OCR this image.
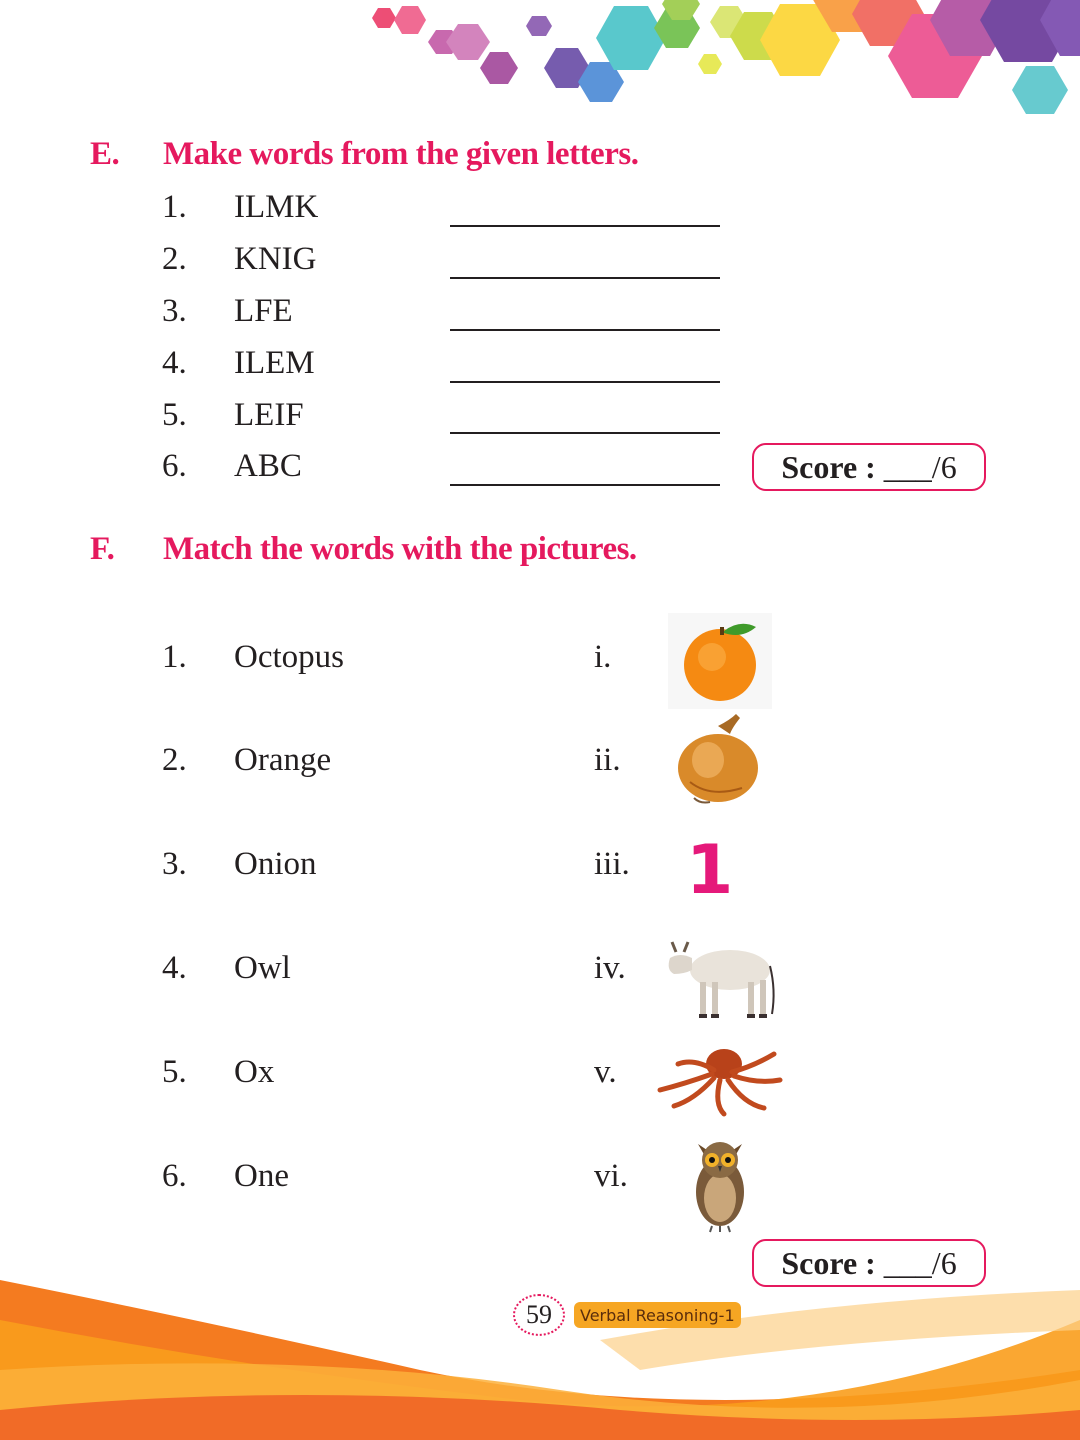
E. Make words from the given letters.
1. ILMK
2. KNIG
3. LFE
4. ILEM
5. LEIF
6. ABC	Score : ___/6
F. Match the words with the pictures.
1. Octopus	i.
2. Orange	ii.
3. Onion	iii. 1
4. Owl	iv.
5. Ox	v.
6. One	vi.
Score : ___/6
59	Verbal Reasoning-1
